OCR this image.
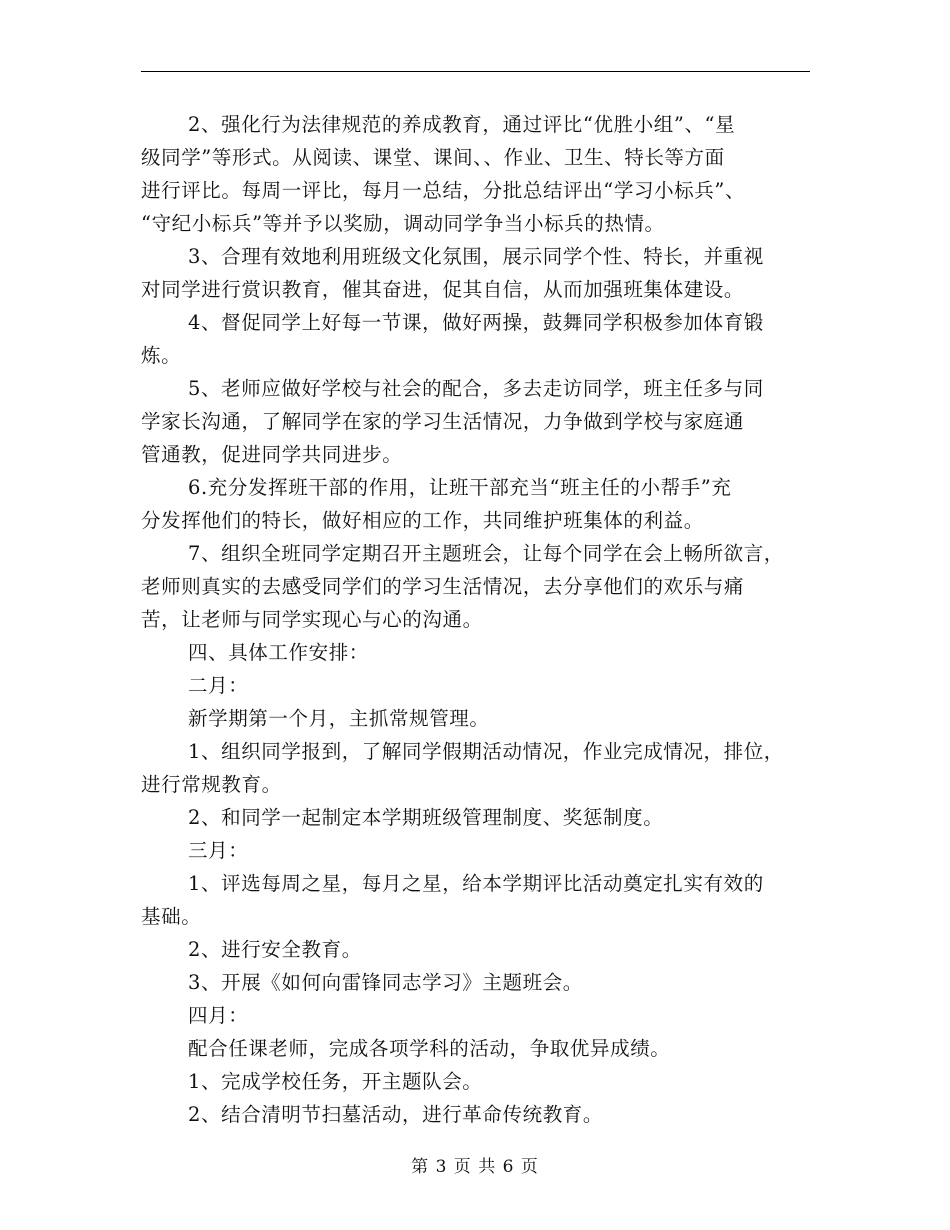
2、强化行为法律规范的养成教育，通过评比“优胜小组”、“星
级同学”等形式。从阅读、课堂、课间、、作业、卫生、特长等方面
进行评比。每周一评比，每月一总结，分批总结评出“学习小标兵”、
“守纪小标兵”等并予以奖励，调动同学争当小标兵的热情。
3、合理有效地利用班级文化氛围，展示同学个性、特长，并重视
对同学进行赏识教育，催其奋进，促其自信，从而加强班集体建设。
4、督促同学上好每一节课，做好两操，鼓舞同学积极参加体育锻
炼。
5、老师应做好学校与社会的配合，多去走访同学，班主任多与同
学家长沟通，了解同学在家的学习生活情况，力争做到学校与家庭通
管通教，促进同学共同进步。
6.充分发挥班干部的作用，让班干部充当“班主任的小帮手”充
分发挥他们的特长，做好相应的工作，共同维护班集体的利益。
7、组织全班同学定期召开主题班会，让每个同学在会上畅所欲言，
老师则真实的去感受同学们的学习生活情况，去分享他们的欢乐与痛
苦，让老师与同学实现心与心的沟通。
四、具体工作安排：
二月：
新学期第一个月，主抓常规管理。
1、组织同学报到，了解同学假期活动情况，作业完成情况，排位，
进行常规教育。
2、和同学一起制定本学期班级管理制度、奖惩制度。
三月：
1、评选每周之星，每月之星，给本学期评比活动奠定扎实有效的
基础。
2、进行安全教育。
3、开展《如何向雷锋同志学习》主题班会。
四月：
配合任课老师，完成各项学科的活动，争取优异成绩。
1、完成学校任务，开主题队会。
2、结合清明节扫墓活动，进行革命传统教育。
第 3 页 共 6 页
